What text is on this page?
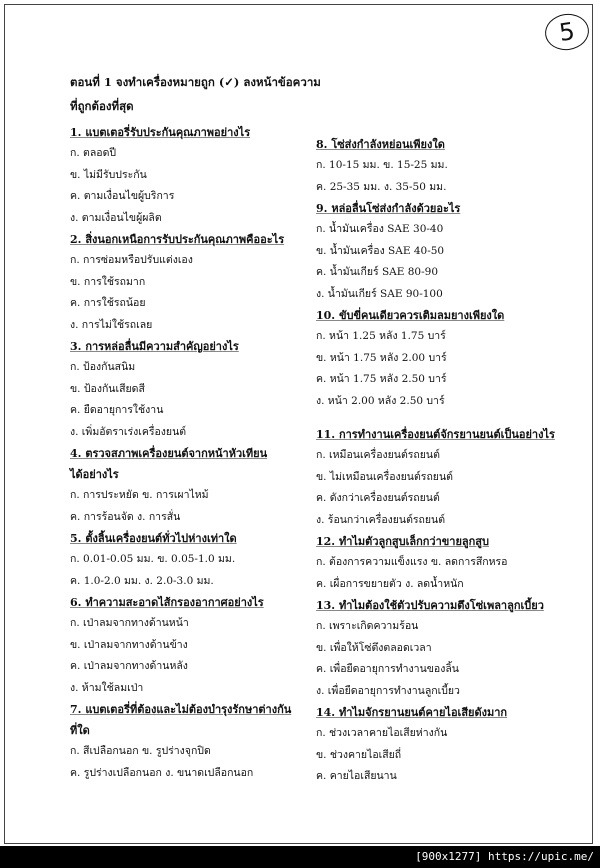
5
ตอนที่ 1 จงทำเครื่องหมายถูก (✓) ลงหน้าข้อความ
ที่ถูกต้องที่สุด
1. แบตเตอรี่รับประกันคุณภาพอย่างไร
ก. ตลอดปี
ข. ไม่มีรับประกัน
ค. ตามเงื่อนไขผู้บริการ
ง. ตามเงื่อนไขผู้ผลิต
2. สิ่งนอกเหนือการรับประกันคุณภาพคืออะไร
ก. การซ่อมหรือปรับแต่งเอง
ข. การใช้รถมาก
ค. การใช้รถน้อย
ง. การไม่ใช้รถเลย
3. การหล่อลื่นมีความสำคัญอย่างไร
ก. ป้องกันสนิม
ข. ป้องกันเสียดสี
ค. ยืดอายุการใช้งาน
ง. เพิ่มอัตราเร่งเครื่องยนต์
4. ตรวจสภาพเครื่องยนต์จากหน้าหัวเทียน
ได้อย่างไร
ก. การประหยัด ข. การเผาไหม้
ค. การร้อนจัด ง. การสั่น
5. ตั้งลิ้นเครื่องยนต์ทั่วไปห่างเท่าใด
ก. 0.01-0.05 มม. ข. 0.05-1.0 มม.
ค. 1.0-2.0 มม. ง. 2.0-3.0 มม.
6. ทำความสะอาดไส้กรองอากาศอย่างไร
ก. เป่าลมจากทางด้านหน้า
ข. เป่าลมจากทางด้านข้าง
ค. เป่าลมจากทางด้านหลัง
ง. ห้ามใช้ลมเป่า
7. แบตเตอรี่ที่ต้องและไม่ต้องบำรุงรักษาต่างกัน
ที่ใด
ก. สีเปลือกนอก ข. รูปร่างจุกปิด
ค. รูปร่างเปลือกนอก ง. ขนาดเปลือกนอก
8. โซ่ส่งกำลังหย่อนเพียงใด
ก. 10-15 มม. ข. 15-25 มม.
ค. 25-35 มม. ง. 35-50 มม.
9. หล่อลื่นโซ่ส่งกำลังด้วยอะไร
ก. น้ำมันเครื่อง SAE 30-40
ข. น้ำมันเครื่อง SAE 40-50
ค. น้ำมันเกียร์ SAE 80-90
ง. น้ำมันเกียร์ SAE 90-100
10. ขับขี่คนเดียวควรเติมลมยางเพียงใด
ก. หน้า 1.25 หลัง 1.75 บาร์
ข. หน้า 1.75 หลัง 2.00 บาร์
ค. หน้า 1.75 หลัง 2.50 บาร์
ง. หน้า 2.00 หลัง 2.50 บาร์
11. การทำงานเครื่องยนต์จักรยานยนต์เป็นอย่างไร
ก. เหมือนเครื่องยนต์รถยนต์
ข. ไม่เหมือนเครื่องยนต์รถยนต์
ค. ดังกว่าเครื่องยนต์รถยนต์
ง. ร้อนกว่าเครื่องยนต์รถยนต์
12. ทำไมตัวลูกสูบเล็กกว่าขายลูกสูบ
ก. ต้องการความแข็งแรง ข. ลดการสึกหรอ
ค. เผื่อการขยายตัว ง. ลดน้ำหนัก
13. ทำไมต้องใช้ตัวปรับความตึงโซ่เพลาลูกเบี้ยว
ก. เพราะเกิดความร้อน
ข. เพื่อให้โซ่ตึงตลอดเวลา
ค. เพื่อยืดอายุการทำงานของลิ้น
ง. เพื่อยืดอายุการทำงานลูกเบี้ยว
14. ทำไมจักรยานยนต์คายไอเสียดังมาก
ก. ช่วงเวลาคายไอเสียห่างกัน
ข. ช่วงคายไอเสียถี่
ค. คายไอเสียนาน
[900x1277] https://upic.me/
